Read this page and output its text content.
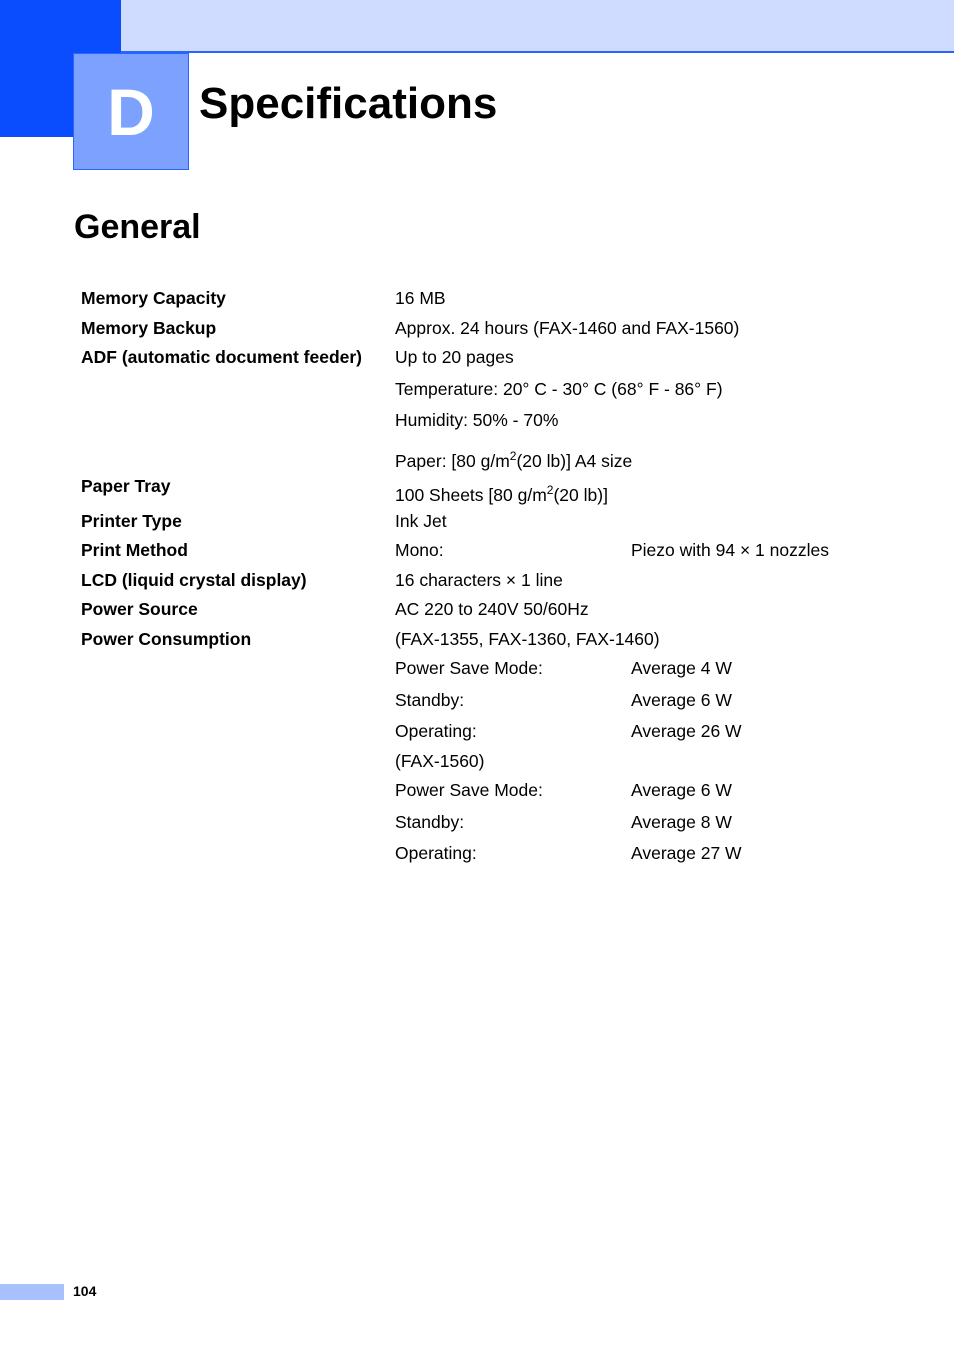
D	Specifications
General
Memory Capacity	16 MB
Memory Backup	Approx. 24 hours (FAX-1460 and FAX-1560)
ADF (automatic document feeder) Up to 20 pages
Temperature: 20° C - 30° C (68° F - 86° F)
Humidity: 50% - 70%
Paper: [80 $g/m^2(20$ lb)] A4 size
Paper Tray	100 Sheets [80 $g/m^2(20$ lb)]
Printer Type	Ink Jet
Print Method	Mono:	Piezo with 94 × 1 nozzles
LCD (liquid crystal display)	16 characters × 1 line
Power Source	AC 220 to 240V 50/60Hz
Power Consumption	(FAX-1355, FAX-1360, FAX-1460)
Power Save Mode:	Average 4 W
Standby:	Average 6 W
Operating:	Average 26 W
(FAX-1560)
Power Save Mode:	Average 6 W
Standby:	Average 8 W
Operating:	Average 27 W
104
